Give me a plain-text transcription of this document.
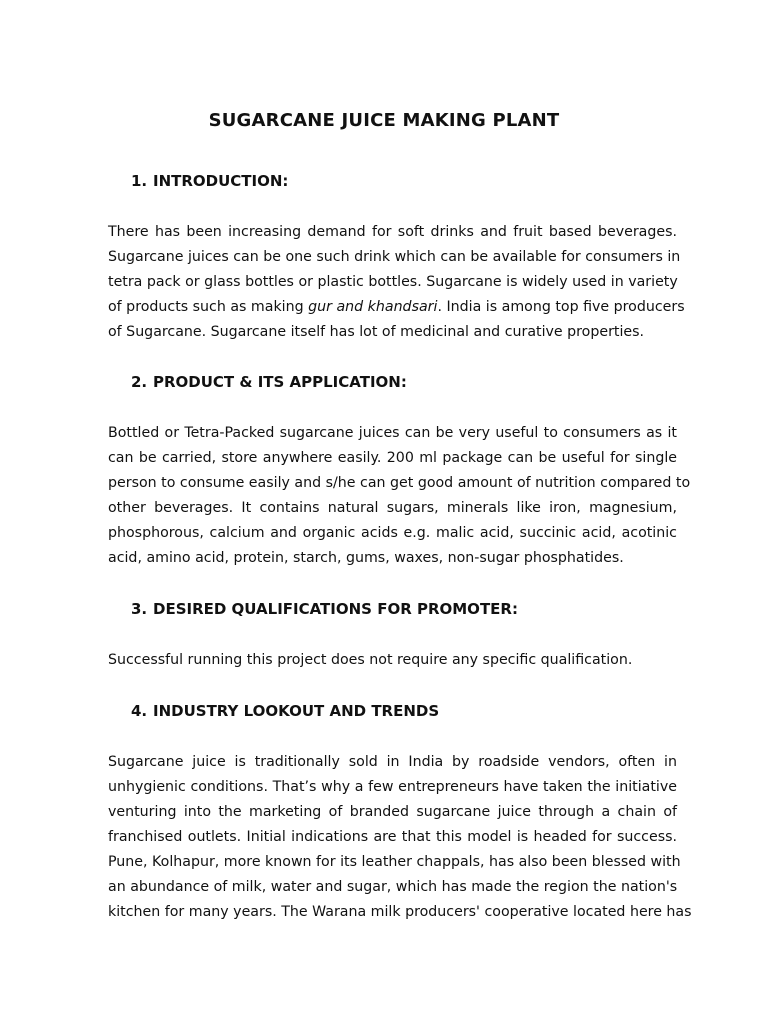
SUGARCANE JUICE MAKING PLANT
1. INTRODUCTION:
There has been increasing demand for soft drinks and fruit based beverages.
Sugarcane juices can be one such drink which can be available for consumers in
tetra pack or glass bottles or plastic bottles. Sugarcane is widely used in variety
of products such as making gur and khandsari. India is among top five producers
of Sugarcane. Sugarcane itself has lot of medicinal and curative properties.
2. PRODUCT & ITS APPLICATION:
Bottled or Tetra-Packed sugarcane juices can be very useful to consumers as it
can be carried, store anywhere easily. 200 ml package can be useful for single
person to consume easily and s/he can get good amount of nutrition compared to
other beverages. It contains natural sugars, minerals like iron, magnesium,
phosphorous, calcium and organic acids e.g. malic acid, succinic acid, acotinic
acid, amino acid, protein, starch, gums, waxes, non-sugar phosphatides.
3. DESIRED QUALIFICATIONS FOR PROMOTER:
Successful running this project does not require any specific qualification.
4. INDUSTRY LOOKOUT AND TRENDS
Sugarcane juice is traditionally sold in India by roadside vendors, often in
unhygienic conditions. That’s why a few entrepreneurs have taken the initiative
venturing into the marketing of branded sugarcane juice through a chain of
franchised outlets. Initial indications are that this model is headed for success.
Pune, Kolhapur, more known for its leather chappals, has also been blessed with
an abundance of milk, water and sugar, which has made the region the nation's
kitchen for many years. The Warana milk producers' cooperative located here has
